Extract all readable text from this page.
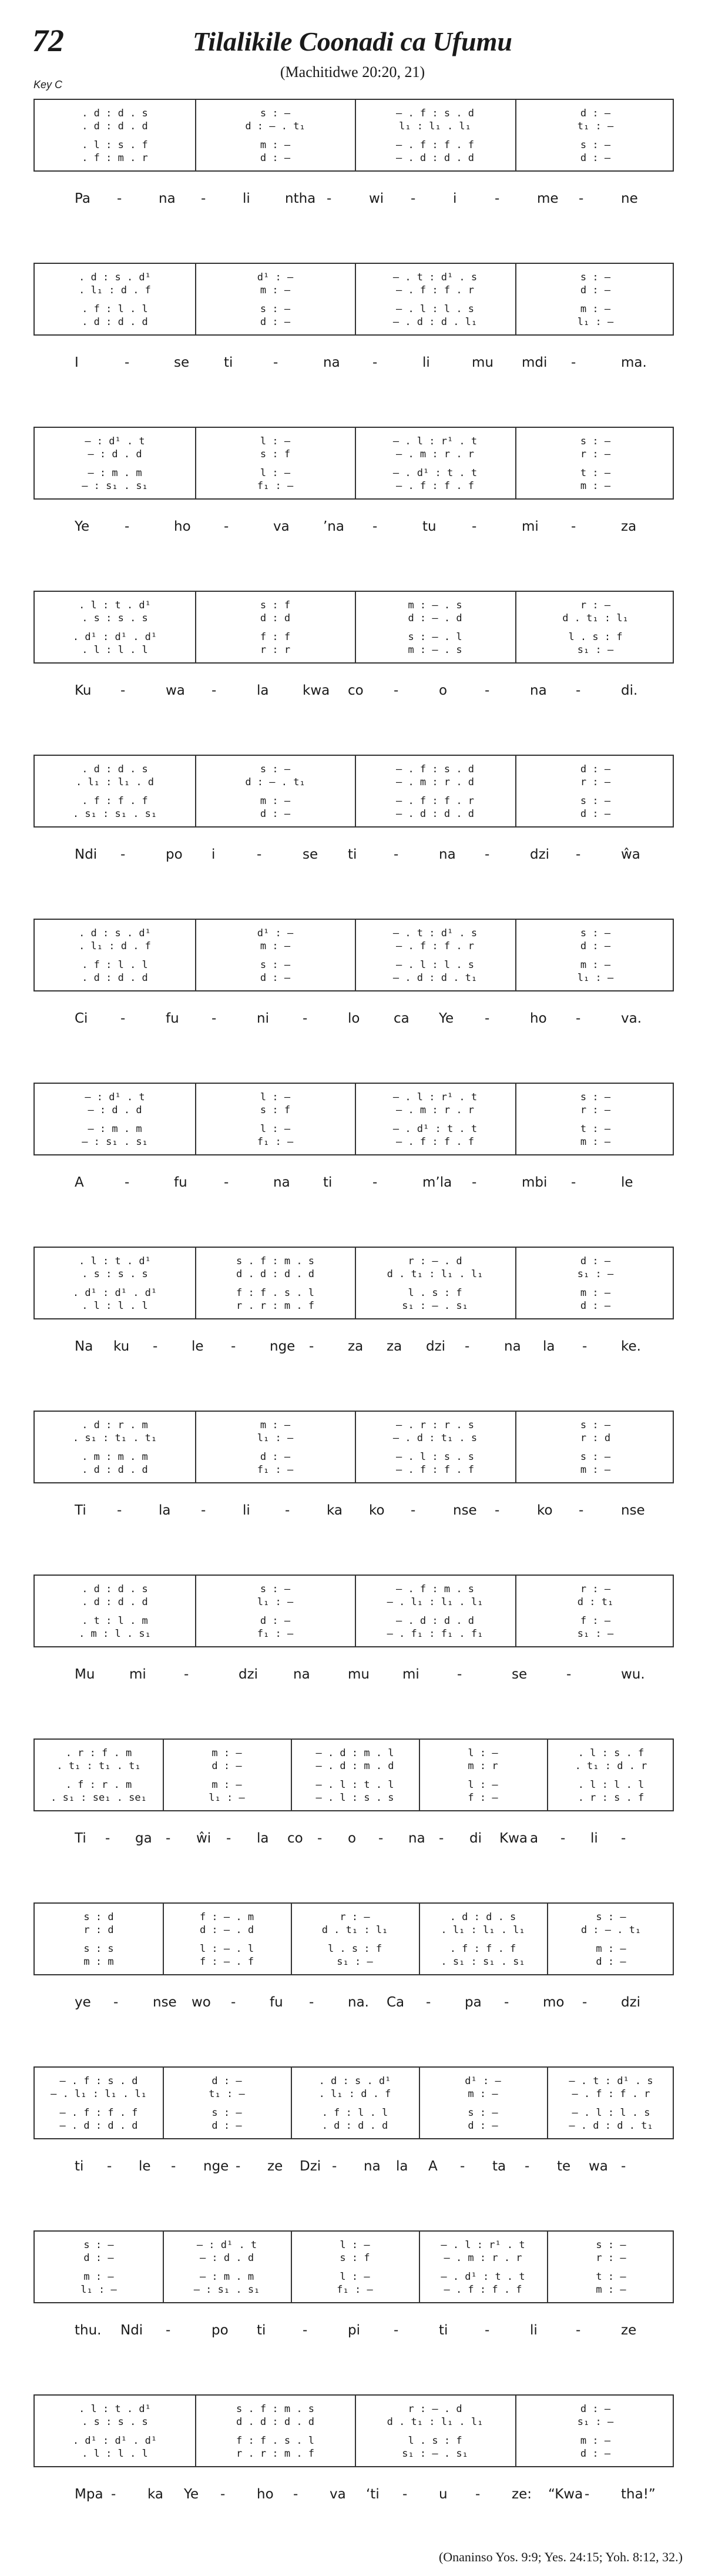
72	Tilalikile Coonadi ca Ufumu
(Machitidwe 20:20, 21)
Key C
. d : d . s	s : —	— . f : s . d	d : —
. d : d . d	d : — . t₁	l₁ : l₁ . l₁	t₁ : —
. l : s . f	m : —	— . f : f . f	s : —
. f : m . r	d : —	— . d : d . d	d : —
Pa -	na -	li	ntha -	wi -	i	-	me -	ne
. d : s . d¹	d¹ : —	— . t : d¹ . s	s : —
. l₁ : d . f	m : —	— . f : f . r	d : —
. f : l . l	s : —	— . l : l . s	m : —
. d : d . d	d : —	— . d : d . l₁	l₁ : —
I	-	se	ti	-	na -	li	mu mdi -	ma.
— : d¹ . t	l : —	— . l : r¹ . t	s : —
— : d . d	s : f	— . m : r . r	r : —
— : m . m	l : —	— . d¹ : t . t	t : —
— : s₁ . s₁	f₁ : —	— . f : f . f	m : —
Ye	-	ho -	va ’na -	tu	-	mi -	za
. l : t . d¹	s : f	m : — . s	r : —
. s : s . s	d : d	d : — . d	d . t₁ : l₁
. d¹ : d¹ . d¹	f : f	s : — . l	l . s : f
. l : l . l	r : r	m : — . s	s₁ : —
Ku -	wa -	la	kwa co -	o	-	na -	di.
. d : d . s	s : —	— . f : s . d	d : —
. l₁ : l₁ . d	d : — . t₁	— . m : r . d	r : —
. f : f . f	m : —	— . f : f . r	s : —
. s₁ : s₁ . s₁	d : —	— . d : d . d	d : —
Ndi -	po i	-	se ti	-	na -	dzi -	ŵa
. d : s . d¹	d¹ : —	— . t : d¹ . s	s : —
. l₁ : d . f	m : —	— . f : f . r	d : —
. f : l . l	s : —	— . l : l . s	m : —
. d : d . d	d : —	— . d : d . t₁	l₁ : —
Ci -	fu -	ni -	lo	ca Ye -	ho -	va.
— : d¹ . t	l : —	— . l : r¹ . t	s : —
— : d . d	s : f	— . m : r . r	r : —
— : m . m	l : —	— . d¹ : t . t	t : —
— : s₁ . s₁	f₁ : —	— . f : f . f	m : —
A	-	fu	-	na ti	-	m’la -	mbi -	le
. l : t . d¹	s . f : m . s	r : — . d	d : —
. s : s . s	d . d : d . d	d . t₁ : l₁ . l₁	s₁ : —
. d¹ : d¹ . d¹	f : f . s . l	l . s : f	m : —
. l : l . l	r . r : m . f	s₁ : — . s₁	d : —
Na ku -	le -	nge -	za za dzi -	na la -	ke.
. d : r . m	m : —	— . r : r . s	s : —
. s₁ : t₁ . t₁	l₁ : —	— . d : t₁ . s	r : d
. m : m . m	d : —	— . l : s . s	s : —
. d : d . d	f₁ : —	— . f : f . f	m : —
Ti -	la -	li	-	ka ko -	nse -	ko -	nse
. d : d . s	s : —	— . f : m . s	r : —
. d : d . d	l₁ : —	— . l₁ : l₁ . l₁	d : t₁
. t : l . m	d : —	— . d : d . d	f : —
. m : l . s₁	f₁ : —	— . f₁ : f₁ . f₁	s₁ : —
Mu	mi	-	dzi	na	mu mi	-	se	-	wu.
. r : f . m	m : —	— . d : m . l	l : —	. l : s . f
. t₁ : t₁ . t₁	d : —	— . d : m . d	m : r	. t₁ : d . r
. f : r . m	m : —	— . l : t . l	l : —	. l : l . l
. s₁ : se₁ . se₁	l₁ : —	— . l : s . s	f : —	. r : s . f
Ti - ga - ŵi - la co - o - na - di Kwa a - li -
s : d	f : — . m	r : —	. d : d . s	s : —
r : d	d : — . d	d . t₁ : l₁	. l₁ : l₁ . l₁	d : — . t₁
s : s	l : — . l	l . s : f	. f : f . f	m : —
m : m	f : — . f	s₁ : —	. s₁ : s₁ . s₁	d : —
ye -	nse wo -	fu -	na. Ca -	pa -	mo -	dzi
— . f : s . d	d : —	. d : s . d¹	d¹ : —	— . t : d¹ . s
— . l₁ : l₁ . l₁	t₁ : —	. l₁ : d . f	m : —	— . f : f . r
— . f : f . f	s : —	. f : l . l	s : —	— . l : l . s
— . d : d . d	d : —	. d : d . d	d : —	— . d : d . t₁
ti - le - nge - ze Dzi - na la A - ta - te wa -
s : —	— : d¹ . t	l : —	— . l : r¹ . t	s : —
d : —	— : d . d	s : f	— . m : r . r	r : —
m : —	— : m . m	l : —	— . d¹ : t . t	t : —
l₁ : —	— : s₁ . s₁	f₁ : —	— . f : f . f	m : —
thu. Ndi -	po ti	-	pi -	ti	-	li	-	ze
. l : t . d¹	s . f : m . s	r : — . d	d : —
. s : s . s	d . d : d . d	d . t₁ : l₁ . l₁	s₁ : —
. d¹ : d¹ . d¹	f : f . s . l	l . s : f	m : —
. l : l . l	r . r : m . f	s₁ : — . s₁	d : —
Mpa - ka Ye - ho - va ‘ti - u - ze: “Kwa - tha!”
(Onaninso Yos. 9:9; Yes. 24:15; Yoh. 8:12, 32.)
